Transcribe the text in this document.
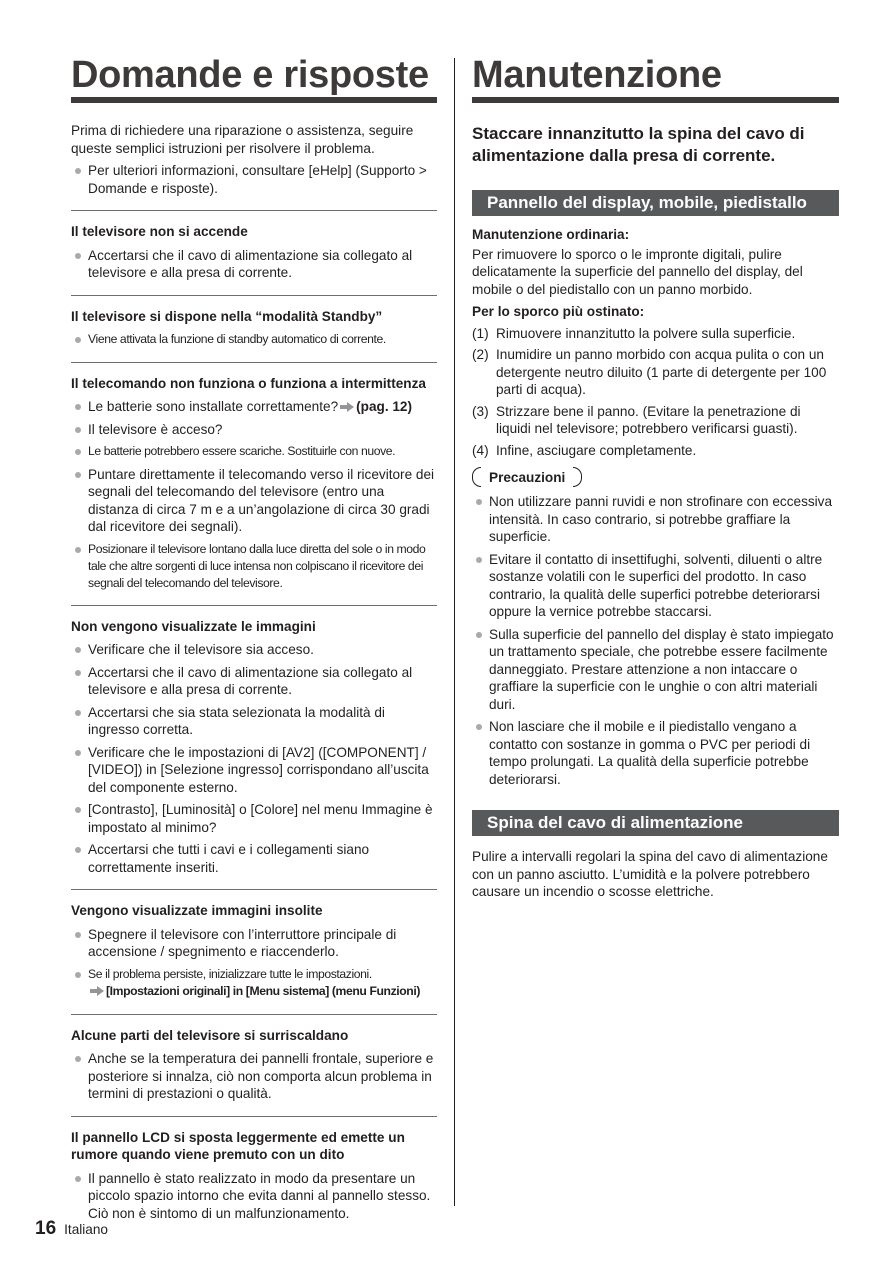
Domande e risposte

Prima di richiedere una riparazione o assistenza, seguire queste semplici istruzioni per risolvere il problema.

Per ulteriori informazioni, consultare [eHelp] (Supporto > Domande e risposte).
Il televisore non si accende
Accertarsi che il cavo di alimentazione sia collegato al televisore e alla presa di corrente.
Il televisore si dispone nella “modalità Standby”
Viene attivata la funzione di standby automatico di corrente.
Il telecomando non funziona o funziona a intermittenza
Le batterie sono installate correttamente? (pag. 12)
Il televisore è acceso?
Le batterie potrebbero essere scariche. Sostituirle con nuove.
Puntare direttamente il telecomando verso il ricevitore dei segnali del telecomando del televisore (entro una distanza di circa 7 m e a un’angolazione di circa 30 gradi dal ricevitore dei segnali).
Posizionare il televisore lontano dalla luce diretta del sole o in modo tale che altre sorgenti di luce intensa non colpiscano il ricevitore dei segnali del telecomando del televisore.
Non vengono visualizzate le immagini
Verificare che il televisore sia acceso.
Accertarsi che il cavo di alimentazione sia collegato al televisore e alla presa di corrente.
Accertarsi che sia stata selezionata la modalità di ingresso corretta.
Verificare che le impostazioni di [AV2] ([COMPONENT] / [VIDEO]) in [Selezione ingresso] corrispondano all’uscita del componente esterno.
[Contrasto], [Luminosità] o [Colore] nel menu Immagine è impostato al minimo?
Accertarsi che tutti i cavi e i collegamenti siano correttamente inseriti.
Vengono visualizzate immagini insolite
Spegnere il televisore con l’interruttore principale di accensione / spegnimento e riaccenderlo.
Se il problema persiste, inizializzare tutte le impostazioni.
[Impostazioni originali] in [Menu sistema] (menu Funzioni)
Alcune parti del televisore si surriscaldano
Anche se la temperatura dei pannelli frontale, superiore e posteriore si innalza, ciò non comporta alcun problema in termini di prestazioni o qualità.
Il pannello LCD si sposta leggermente ed emette un rumore quando viene premuto con un dito
Il pannello è stato realizzato in modo da presentare un piccolo spazio intorno che evita danni al pannello stesso. Ciò non è sintomo di un malfunzionamento.
Manutenzione
Staccare innanzitutto la spina del cavo di alimentazione dalla presa di corrente.
Pannello del display, mobile, piedistallo

Manutenzione ordinaria:

Per rimuovere lo sporco o le impronte digitali, pulire delicatamente la superficie del pannello del display, del mobile o del piedistallo con un panno morbido.

Per lo sporco più ostinato:

(1) Rimuovere innanzitutto la polvere sulla superficie.
(2) Inumidire un panno morbido con acqua pulita o con un detergente neutro diluito (1 parte di detergente per 100 parti di acqua).
(3) Strizzare bene il panno. (Evitare la penetrazione di liquidi nel televisore; potrebbero verificarsi guasti).
(4) Infine, asciugare completamente.
Precauzioni
Non utilizzare panni ruvidi e non strofinare con eccessiva intensità. In caso contrario, si potrebbe graffiare la superficie.
Evitare il contatto di insettifughi, solventi, diluenti o altre sostanze volatili con le superfici del prodotto. In caso contrario, la qualità delle superfici potrebbe deteriorarsi oppure la vernice potrebbe staccarsi.
Sulla superficie del pannello del display è stato impiegato un trattamento speciale, che potrebbe essere facilmente danneggiato. Prestare attenzione a non intaccare o graffiare la superficie con le unghie o con altri materiali duri.
Non lasciare che il mobile e il piedistallo vengano a contatto con sostanze in gomma o PVC per periodi di tempo prolungati. La qualità della superficie potrebbe deteriorarsi.
Spina del cavo di alimentazione

Pulire a intervalli regolari la spina del cavo di alimentazione con un panno asciutto. L’umidità e la polvere potrebbero causare un incendio o scosse elettriche.

16 Italiano
